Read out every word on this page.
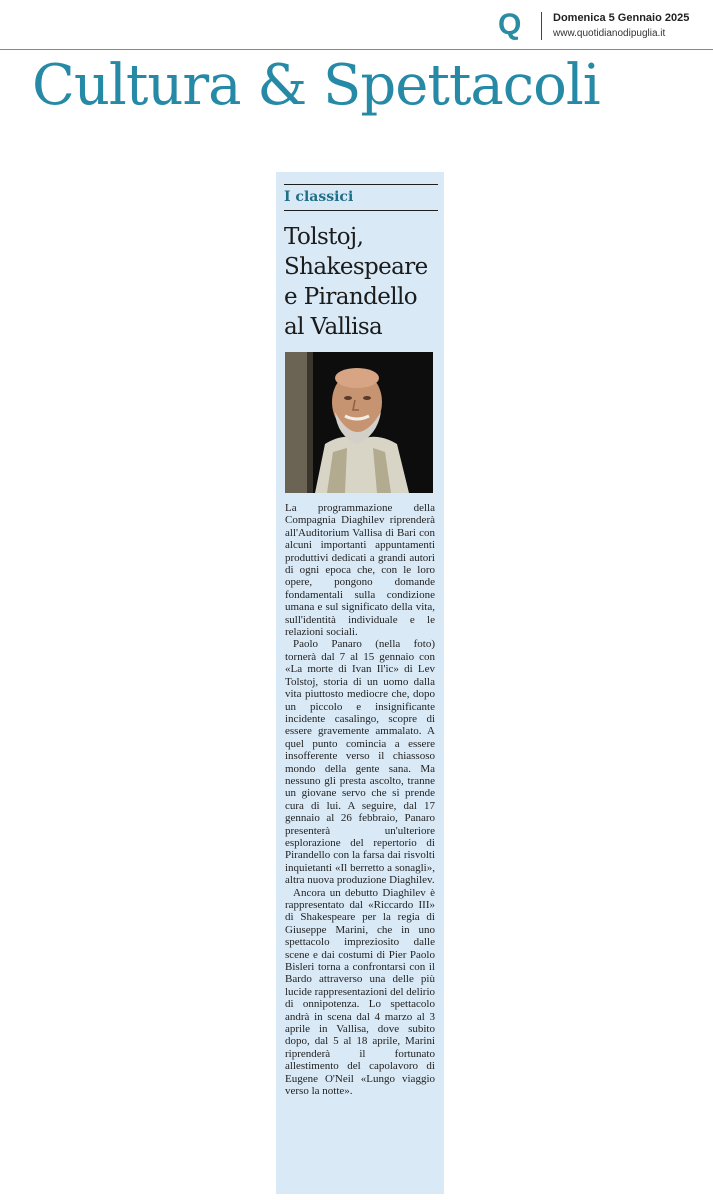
Q	Domenica 5 Gennaio 2025
www.quotidianodipuglia.it
Cultura & Spettacoli
I classici
Tolstoj,
Shakespeare
e Pirandello
al Vallisa

La programmazione della Compagnia Diaghilev riprenderà all'Auditorium Vallisa di Bari con alcuni importanti appuntamenti produttivi dedicati a grandi autori di ogni epoca che, con le loro opere, pongono domande fondamentali sulla condizione umana e sul significato della vita, sull'identità individuale e le relazioni sociali.

Paolo Panaro (nella foto) tornerà dal 7 al 15 gennaio con «La morte di Ivan Il'ic» di Lev Tolstoj, storia di un uomo dalla vita piuttosto mediocre che, dopo un piccolo e insignificante incidente casalingo, scopre di essere gravemente ammalato. A quel punto comincia a essere insofferente verso il chiassoso mondo della gente sana. Ma nessuno gli presta ascolto, tranne un giovane servo che si prende cura di lui. A seguire, dal 17 gennaio al 26 febbraio, Panaro presenterà un'ulteriore esplorazione del repertorio di Pirandello con la farsa dai risvolti inquietanti «Il berretto a sonagli», altra nuova produzione Diaghilev.

Ancora un debutto Diaghilev è rappresentato dal «Riccardo III» di Shakespeare per la regia di Giuseppe Marini, che in uno spettacolo impreziosito dalle scene e dai costumi di Pier Paolo Bisleri torna a confrontarsi con il Bardo attraverso una delle più lucide rappresentazioni del delirio di onnipotenza. Lo spettacolo andrà in scena dal 4 marzo al 3 aprile in Vallisa, dove subito dopo, dal 5 al 18 aprile, Marini riprenderà il fortunato allestimento del capolavoro di Eugene O'Neil «Lungo viaggio verso la notte».
